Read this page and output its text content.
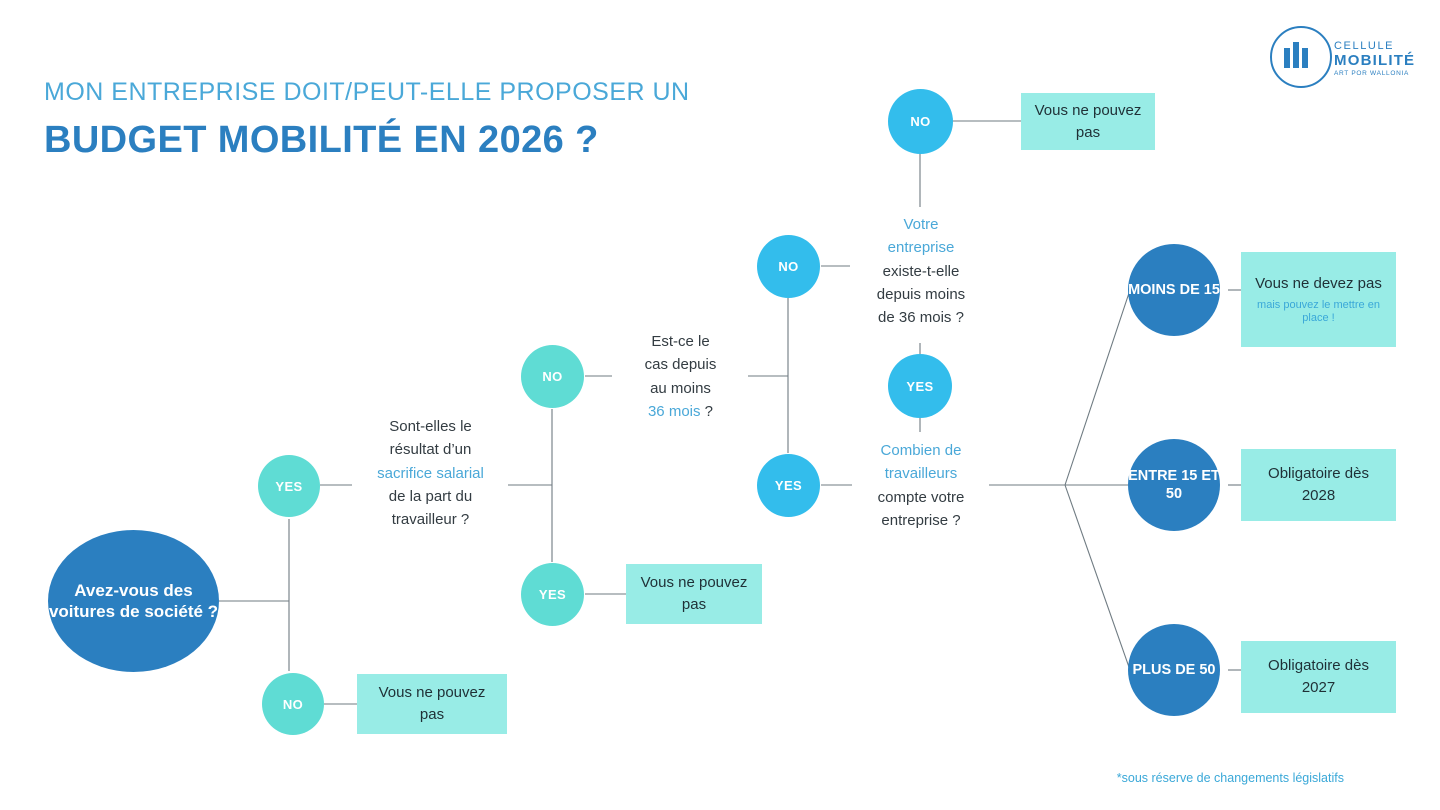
MON ENTREPRISE DOIT/PEUT-ELLE PROPOSER UN
BUDGET MOBILITÉ EN 2026 ?
CELLULE
MOBILITÉ
ART POR WALLONIA
Avez-vous des voitures de société ?
YES
NO
Vous ne pouvez pas
Sont-elles le
résultat d’un
sacrifice salarial
de la part du
travailleur ?
NO
YES
Vous ne pouvez pas
Est-ce le
cas depuis
au moins
36 mois ?
NO
YES
Votre
entreprise
existe-t-elle
depuis moins
de 36 mois ?
NO
Vous ne pouvez pas
YES
Combien de
travailleurs
compte votre
entreprise ?
MOINS DE 15 Vous ne devez pas
mais pouvez le mettre en place !
ENTRE 15 ET 50
Obligatoire dès 2028
PLUS DE 50	Obligatoire dès 2027
*sous réserve de changements législatifs
